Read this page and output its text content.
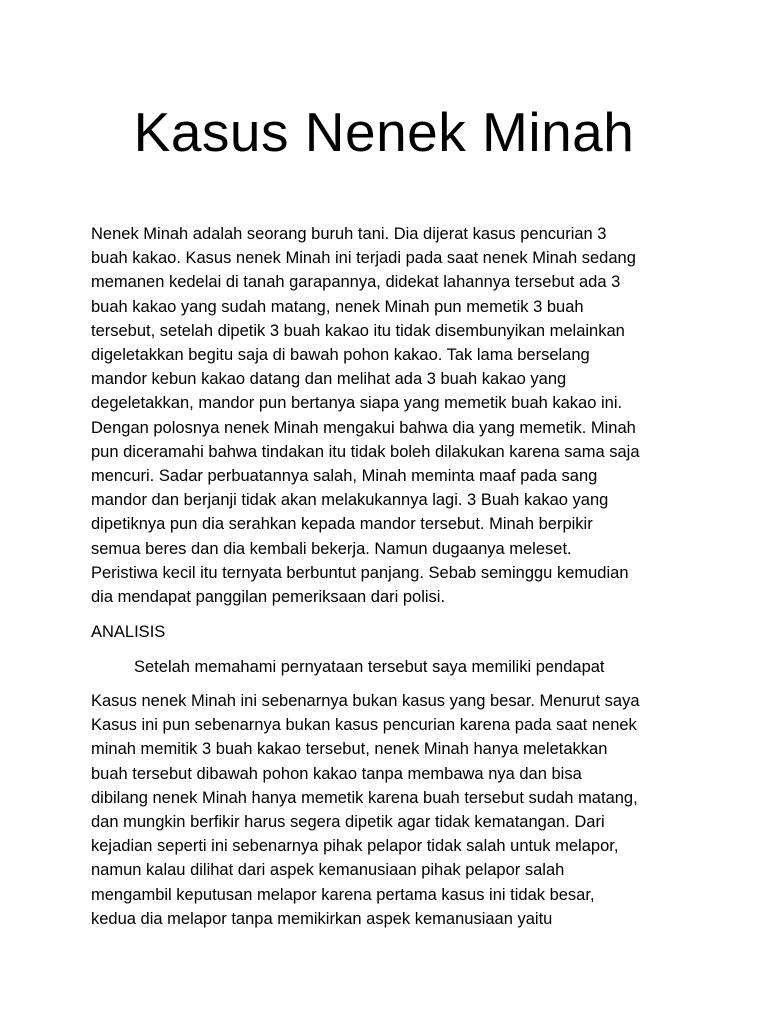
Kasus Nenek Minah
Nenek Minah adalah seorang buruh tani. Dia dijerat kasus pencurian 3
buah kakao. Kasus nenek Minah ini terjadi pada saat nenek Minah sedang
memanen kedelai di tanah garapannya, didekat lahannya tersebut ada 3
buah kakao yang sudah matang, nenek Minah pun memetik 3 buah
tersebut, setelah dipetik 3 buah kakao itu tidak disembunyikan melainkan
digeletakkan begitu saja di bawah pohon kakao. Tak lama berselang
mandor kebun kakao datang dan melihat ada 3 buah kakao yang
degeletakkan, mandor pun bertanya siapa yang memetik buah kakao ini.
Dengan polosnya nenek Minah mengakui bahwa dia yang memetik. Minah
pun diceramahi bahwa tindakan itu tidak boleh dilakukan karena sama saja
mencuri. Sadar perbuatannya salah, Minah meminta maaf pada sang
mandor dan berjanji tidak akan melakukannya lagi. 3 Buah kakao yang
dipetiknya pun dia serahkan kepada mandor tersebut. Minah berpikir
semua beres dan dia kembali bekerja. Namun dugaanya meleset.
Peristiwa kecil itu ternyata berbuntut panjang. Sebab seminggu kemudian
dia mendapat panggilan pemeriksaan dari polisi.
ANALISIS
Setelah memahami pernyataan tersebut saya memiliki pendapat
Kasus nenek Minah ini sebenarnya bukan kasus yang besar. Menurut saya
Kasus ini pun sebenarnya bukan kasus pencurian karena pada saat nenek
minah memitik 3 buah kakao tersebut, nenek Minah hanya meletakkan
buah tersebut dibawah pohon kakao tanpa membawa nya dan bisa
dibilang nenek Minah hanya memetik karena buah tersebut sudah matang,
dan mungkin berfikir harus segera dipetik agar tidak kematangan. Dari
kejadian seperti ini sebenarnya pihak pelapor tidak salah untuk melapor,
namun kalau dilihat dari aspek kemanusiaan pihak pelapor salah
mengambil keputusan melapor karena pertama kasus ini tidak besar,
kedua dia melapor tanpa memikirkan aspek kemanusiaan yaitu
